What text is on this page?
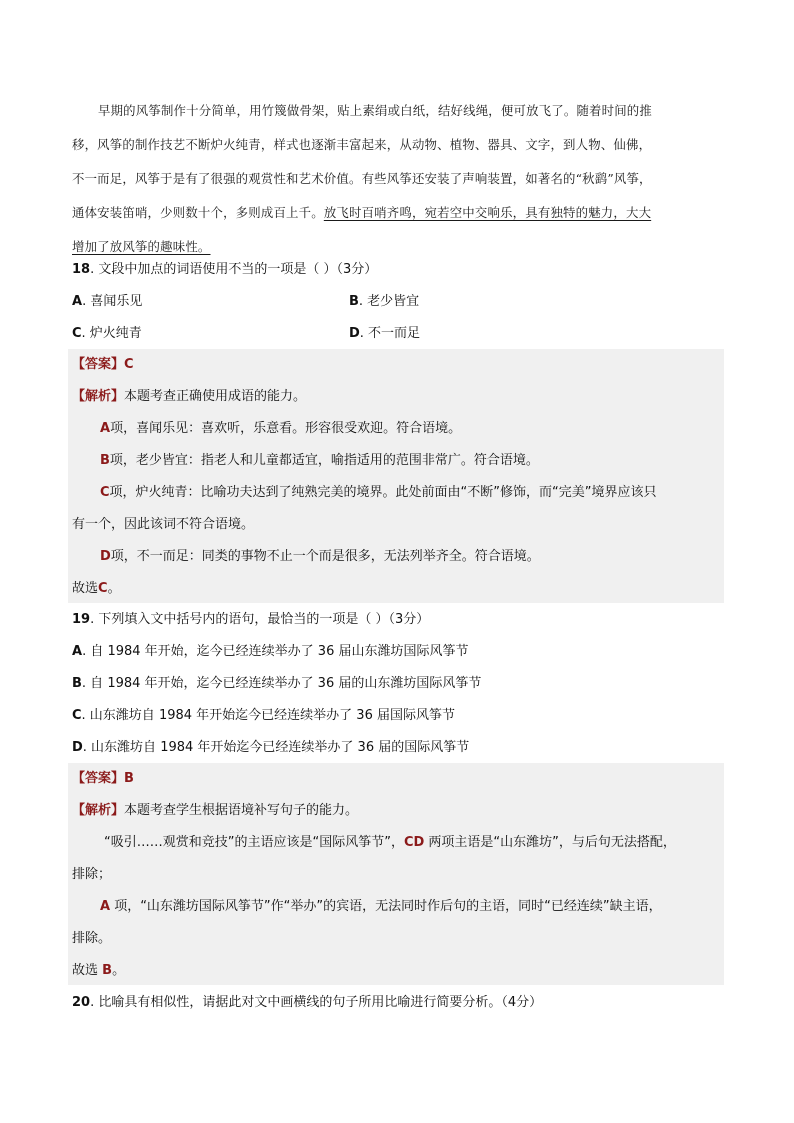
早期的风筝制作十分简单，用竹篾做骨架，贴上素绢或白纸，结好线绳，便可放飞了。随着时间的推
移，风筝的制作技艺不断炉火纯青，样式也逐渐丰富起来，从动物、植物、器具、文字，到人物、仙佛，
不一而足，风筝于是有了很强的观赏性和艺术价值。有些风筝还安装了声响装置，如著名的“秋鹞”风筝，
通体安装笛哨，少则数十个，多则成百上千。放飞时百哨齐鸣，宛若空中交响乐，具有独特的魅力，大大
增加了放风筝的趣味性。
18. 文段中加点的词语使用不当的一项是（ ）（3分）
A. 喜闻乐见	B. 老少皆宜
C. 炉火纯青	D. 不一而足
【答案】C
【解析】本题考查正确使用成语的能力。
A项，喜闻乐见：喜欢听，乐意看。形容很受欢迎。符合语境。
B项，老少皆宜：指老人和儿童都适宜，喻指适用的范围非常广。符合语境。
C项，炉火纯青：比喻功夫达到了纯熟完美的境界。此处前面由“不断”修饰，而“完美”境界应该只
有一个，因此该词不符合语境。
D项，不一而足：同类的事物不止一个而是很多，无法列举齐全。符合语境。
故选C。
19. 下列填入文中括号内的语句，最恰当的一项是（ ）（3分）
A. 自 1984 年开始，迄今已经连续举办了 36 届山东潍坊国际风筝节
B. 自 1984 年开始，迄今已经连续举办了 36 届的山东潍坊国际风筝节
C. 山东潍坊自 1984 年开始迄今已经连续举办了 36 届国际风筝节
D. 山东潍坊自 1984 年开始迄今已经连续举办了 36 届的国际风筝节
【答案】B
【解析】本题考查学生根据语境补写句子的能力。
“吸引……观赏和竞技”的主语应该是“国际风筝节”，CD 两项主语是“山东潍坊”，与后句无法搭配，
排除；
A 项，“山东潍坊国际风筝节”作“举办”的宾语，无法同时作后句的主语，同时“已经连续”缺主语，
排除。
故选 B。
20. 比喻具有相似性，请据此对文中画横线的句子所用比喻进行简要分析。（4分）
